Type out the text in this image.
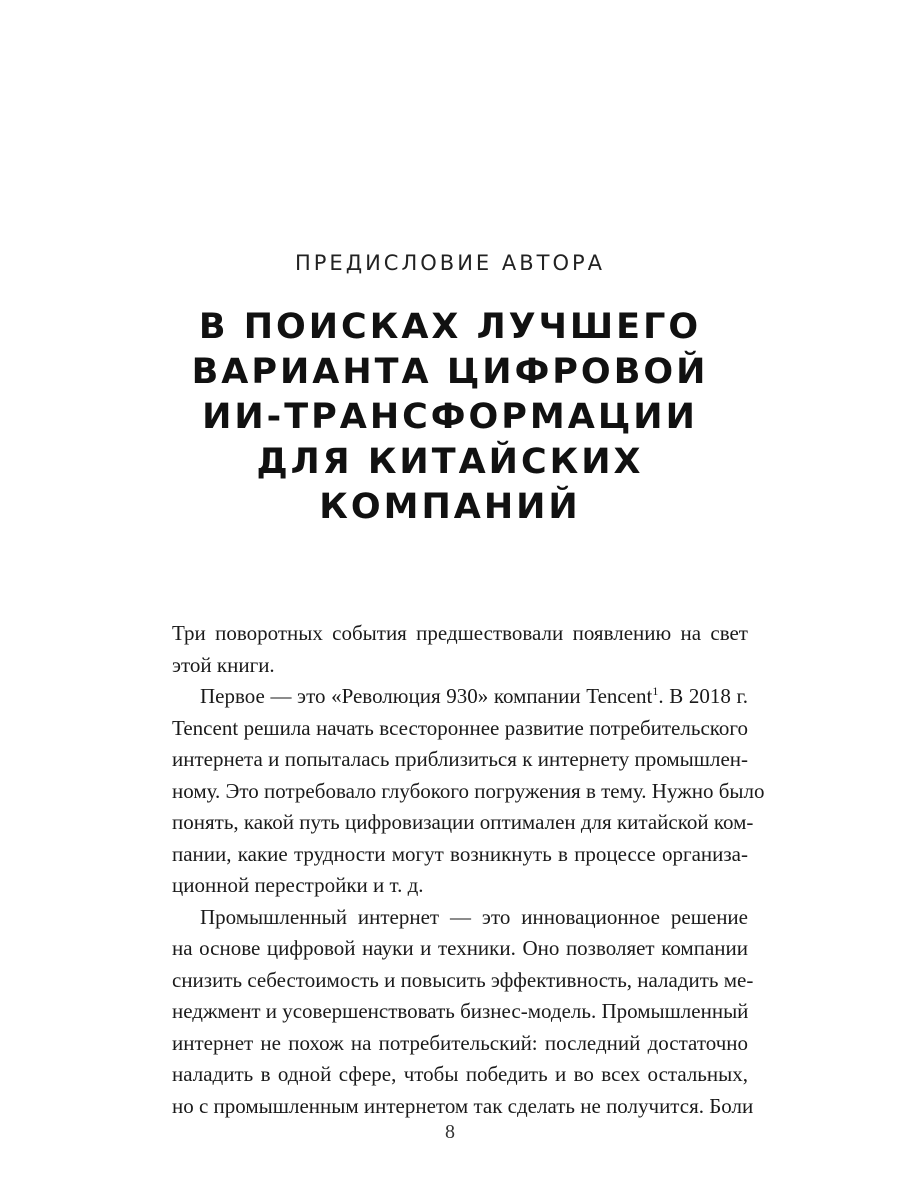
ПРЕДИСЛОВИЕ АВТОРА
В ПОИСКАХ ЛУЧШЕГО
ВАРИАНТА ЦИФРОВОЙ
ИИ-ТРАНСФОРМАЦИИ
ДЛЯ КИТАЙСКИХ
КОМПАНИЙ
Три поворотных события предшествовали появлению на свет
этой книги.
Первое — это «Революция 930» компании Tencent$^1$. В 2018 г.
Tencent решила начать всестороннее развитие потребительского
интернета и попыталась приблизиться к интернету промышлен-
ному. Это потребовало глубокого погружения в тему. Нужно было
понять, какой путь цифровизации оптимален для китайской ком-
пании, какие трудности могут возникнуть в процессе организа-
ционной перестройки и т. д.
Промышленный интернет — это инновационное решение
на основе цифровой науки и техники. Оно позволяет компании
снизить себестоимость и повысить эффективность, наладить ме-
неджмент и усовершенствовать бизнес-модель. Промышленный
интернет не похож на потребительский: последний достаточно
наладить в одной сфере, чтобы победить и во всех остальных,
но с промышленным интернетом так сделать не получится. Боли
8
